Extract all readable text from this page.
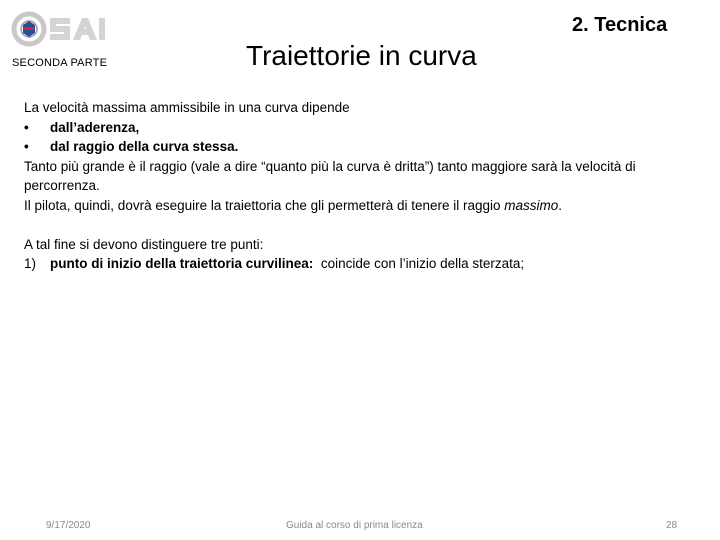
SECONDA PARTE	Traiettorie in curva
2. Tecnica

La velocità massima ammissibile in una curva dipende

•	dall’aderenza,
•	dal raggio della curva stessa.

Tanto più grande è il raggio (vale a dire “quanto più la curva è dritta”) tanto maggiore sarà la velocità di percorrenza.

Il pilota, quindi, dovrà eseguire la traiettoria che gli permetterà di tenere il raggio massimo.

A tal fine si devono distinguere tre punti:

1)	punto di inizio della traiettoria curvilinea: coincide con l’inizio della sterzata;
9/17/2020	Guida al corso di prima licenza	28
